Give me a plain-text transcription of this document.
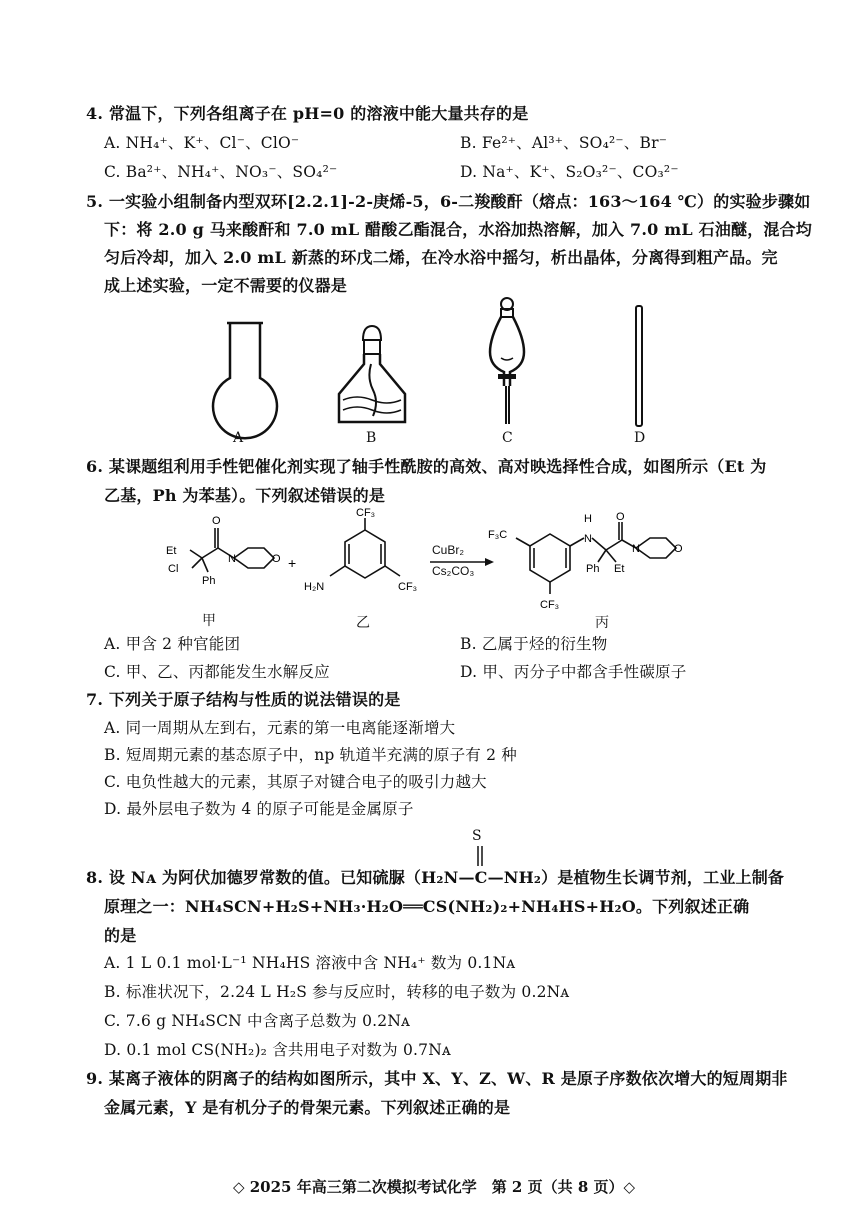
4. 常温下，下列各组离子在 pH=0 的溶液中能大量共存的是
A. NH₄⁺、K⁺、Cl⁻、ClO⁻	B. Fe²⁺、Al³⁺、SO₄²⁻、Br⁻
C. Ba²⁺、NH₄⁺、NO₃⁻、SO₄²⁻	D. Na⁺、K⁺、S₂O₃²⁻、CO₃²⁻
5. 一实验小组制备内型双环[2.2.1]-2-庚烯-5，6-二羧酸酐（熔点：163～164 ℃）的实验步骤如
下：将 2.0 g 马来酸酐和 7.0 mL 醋酸乙酯混合，水浴加热溶解，加入 7.0 mL 石油醚，混合均
匀后冷却，加入 2.0 mL 新蒸的环戊二烯，在冷水浴中摇匀，析出晶体，分离得到粗产品。完
成上述实验，一定不需要的仪器是
A	B	C	D
6. 某课题组利用手性钯催化剂实现了轴手性酰胺的高效、高对映选择性合成，如图所示（Et 为
乙基，Ph 为苯基）。下列叙述错误的是
Et
Cl
Ph
O
N	O +
CF₃
H₂N	CF₃
F₃C
CF₃
H
N
O
Ph Et
N	O
CuBr₂
Cs₂CO₃
甲	乙	丙
A. 甲含 2 种官能团	B. 乙属于烃的衍生物
C. 甲、乙、丙都能发生水解反应	D. 甲、丙分子中都含手性碳原子
7. 下列关于原子结构与性质的说法错误的是
A. 同一周期从左到右，元素的第一电离能逐渐增大
B. 短周期元素的基态原子中，np 轨道半充满的原子有 2 种
C. 电负性越大的元素，其原子对键合电子的吸引力越大
D. 最外层电子数为 4 的原子可能是金属原子
S
8. 设 Nᴀ 为阿伏加德罗常数的值。已知硫脲（H₂N—C—NH₂）是植物生长调节剂，工业上制备
原理之一：NH₄SCN+H₂S+NH₃·H₂O══CS(NH₂)₂+NH₄HS+H₂O。下列叙述正确
的是
A. 1 L 0.1 mol·L⁻¹ NH₄HS 溶液中含 NH₄⁺ 数为 0.1Nᴀ
B. 标准状况下，2.24 L H₂S 参与反应时，转移的电子数为 0.2Nᴀ
C. 7.6 g NH₄SCN 中含离子总数为 0.2Nᴀ
D. 0.1 mol CS(NH₂)₂ 含共用电子对数为 0.7Nᴀ
9. 某离子液体的阴离子的结构如图所示，其中 X、Y、Z、W、R 是原子序数依次增大的短周期非
金属元素，Y 是有机分子的骨架元素。下列叙述正确的是
◇ 2025 年高三第二次模拟考试化学　第 2 页（共 8 页）◇
